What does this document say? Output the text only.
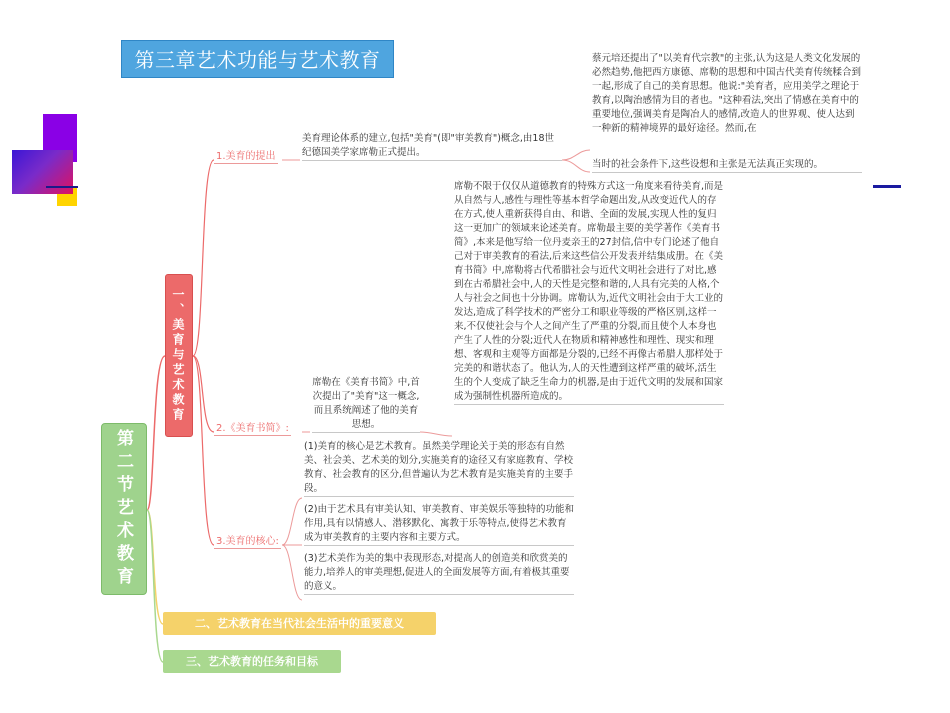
第三章艺术功能与艺术教育
第二节艺术教育
一、美育与艺术教育
1.美育的提出
美育理论体系的建立,包括"美育"(即"审美教育")概念,由18世纪德国美学家席勒正式提出。
蔡元培还提出了"以美育代宗教"的主张,认为这是人类文化发展的必然趋势,他把西方康德、席勒的思想和中国古代美育传统糅合到一起,形成了自己的美育思想。他说:"美育者，应用美学之理论于教育,以陶治感情为目的者也。"这种看法,突出了情感在美育中的重要地位,强调美育是陶冶人的感情,改造人的世界观、使人达到一种新的精神境界的最好途径。然而,在
当时的社会条件下,这些设想和主张是无法真正实现的。
2.《美育书简》:
席勒在《美育书简》中,首次提出了"美育"这一概念,而且系统阐述了他的美育思想。
席勒不限于仅仅从道德教育的特殊方式这一角度来看待美育,而是从自然与人,感性与理性等基本哲学命题出发,从改变近代人的存在方式,使人重新获得自由、和谐、全面的发展,实现人性的复归这一更加广的领域来论述美育。席勒最主要的美学著作《美育书简》,本来是他写给一位丹麦亲王的27封信,信中专门论述了他自己对于审美教育的看法,后来这些信公开发表并结集成册。在《美育书简》中,席勒将古代希腊社会与近代文明社会进行了对比,感到在古希腊社会中,人的天性是完整和谐的,人具有完美的人格,个人与社会之间也十分协调。席勒认为,近代文明社会由于大工业的发达,造成了科学技术的严密分工和职业等级的严格区别,这样一来,不仅使社会与个人之间产生了严重的分裂,而且使个人本身也产生了人性的分裂;近代人在物质和精神感性和理性、现实和理想、客观和主观等方面都是分裂的,已经不再像古希腊人那样处于完美的和谐状态了。他认为,人的天性遭到这样严重的破坏,活生生的个人变成了缺乏生命力的机器,是由于近代文明的发展和国家成为强制性机器所造成的。
3.美育的核心:
(1)美育的核心是艺术教育。虽然美学理论关于美的形态有自然美、社会美、艺术美的划分,实施美育的途径又有家庭教育、学校教育、社会教育的区分,但普遍认为艺术教育是实施美育的主要手段。
(2)由于艺术具有审美认知、审美教育、审美娱乐等独特的功能和作用,具有以情感人、潜移默化、寓教于乐等特点,使得艺术教育成为审美教育的主要内容和主要方式。
(3)艺术美作为美的集中表现形态,对提高人的创造美和欣赏美的能力,培养人的审美理想,促进人的全面发展等方面,有着极其重要的意义。
二、艺术教育在当代社会生活中的重要意义
三、艺术教育的任务和目标
